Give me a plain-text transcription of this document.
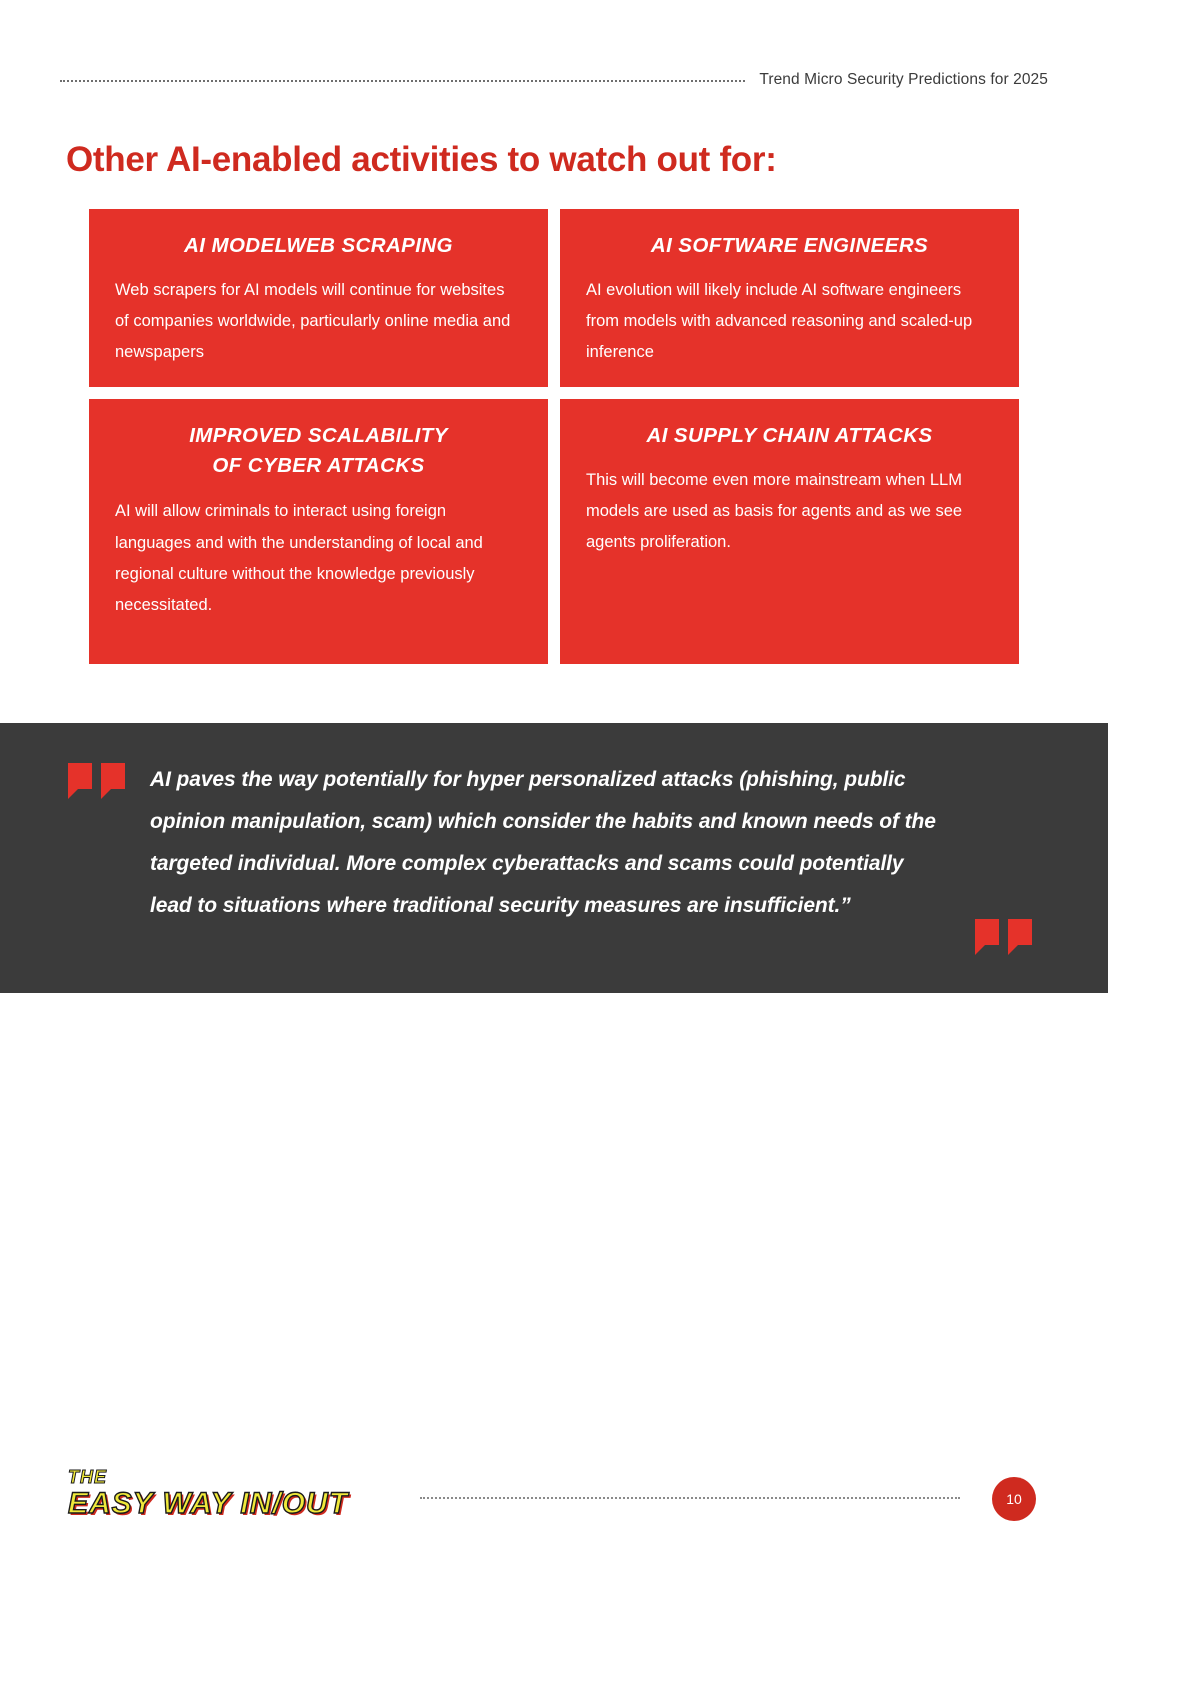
Trend Micro Security Predictions for 2025
Other AI-enabled activities to watch out for:
AI MODELWEB SCRAPING
Web scrapers for AI models will continue for websites of companies worldwide, particularly online media and newspapers
AI SOFTWARE ENGINEERS
AI evolution will likely include AI software engineers from models with advanced reasoning and scaled-up inference
IMPROVED SCALABILITY
OF CYBER ATTACKS
AI will allow criminals to interact using foreign languages and with the understanding of local and regional culture without the knowledge previously necessitated.
AI SUPPLY CHAIN ATTACKS
This will become even more mainstream when LLM models are used as basis for agents and as we see agents proliferation.
AI paves the way potentially for hyper personalized attacks (phishing, public opinion manipulation, scam) which consider the habits and known needs of the targeted individual. More complex cyberattacks and scams could potentially lead to situations where traditional security measures are insufficient.”
THE
EASY WAY IN/OUT	10
